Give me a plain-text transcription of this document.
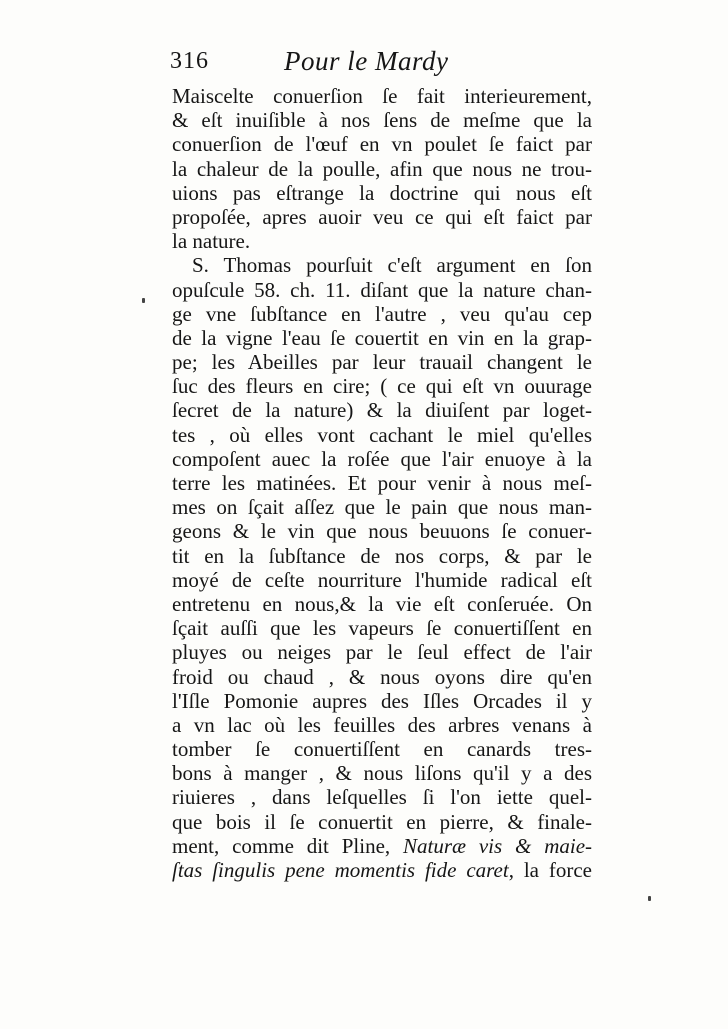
316	Pour le Mardy
Maiscelte conuerſion ſe fait interieurement,
& eſt inuiſible à nos ſens de meſme que la
conuerſion de l'œuf en vn poulet ſe faict par
la chaleur de la poulle, afin que nous ne trou-
uions pas eſtrange la doctrine qui nous eſt
propoſée, apres auoir veu ce qui eſt faict par
la nature.
S. Thomas pourſuit c'eſt argument en ſon
opuſcule 58. ch. 11. diſant que la nature chan-
ge vne ſubſtance en l'autre , veu qu'au cep
de la vigne l'eau ſe couertit en vin en la grap-
pe; les Abeilles par leur trauail changent le
ſuc des fleurs en cire; ( ce qui eſt vn ouurage
ſecret de la nature) & la diuiſent par loget-
tes , où elles vont cachant le miel qu'elles
compoſent auec la roſée que l'air enuoye à la
terre les matinées. Et pour venir à nous meſ-
mes on ſçait aſſez que le pain que nous man-
geons & le vin que nous beuuons ſe conuer-
tit en la ſubſtance de nos corps, & par le
moyé de ceſte nourriture l'humide radical eſt
entretenu en nous,& la vie eſt conſeruée. On
ſçait auſſi que les vapeurs ſe conuertiſſent en
pluyes ou neiges par le ſeul effect de l'air
froid ou chaud , & nous oyons dire qu'en
l'Iſle Pomonie aupres des Iſles Orcades il y
a vn lac où les feuilles des arbres venans à
tomber ſe conuertiſſent en canards tres-
bons à manger , & nous liſons qu'il y a des
riuieres , dans leſquelles ſi l'on iette quel-
que bois il ſe conuertit en pierre, & finale-
ment, comme dit Pline, Naturæ vis & maie-
ſtas ſingulis pene momentis fide caret, la force
